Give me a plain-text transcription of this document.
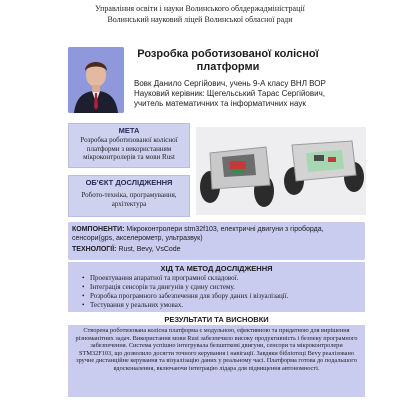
Управління освіти і науки Волинського облдержадміністрації
Волинський науковий ліцей Волинської обласної ради
Розробка роботизованої колісної платформи
Вовк Данило Сергійович, учень 9-А класу ВНЛ ВОР
Науковий керівник: Щегельський Тарас Сергійович,
учитель математичних та інформатичних наук
МЕТА
Розробка роботизованої колісної платформи з використанням мікроконтролерів та мови Rust
ОБ'ЄКТ ДОСЛІДЖЕННЯ
Робото-техніка, програмування, архітектура
КОМПОНЕНТИ: Мікроконтролери stm32f103, електричні двигуни з гіроборда, сенсори(gps, акселерометр, ультразвук)
ТЕХНОЛОГІЇ: Rust, Bevy, VsCode
ХІД ТА МЕТОД ДОСЛІДЖЕННЯ
• Проектування апаратної та програмної складової.
• Інтеграція сенсорів та двигунів у єдину систему.
• Розробка програмного забезпечення для збору даних і візуалізації.
• Тестування у реальних умовах.
РЕЗУЛЬТАТИ ТА ВИСНОВКИ
Створена роботизована колісна платформа є модульною, ефективною та придатною для вирішення різноманітних задач. Використання мови Rust забезпечило високу продуктивність і безпеку програмного забезпечення. Система успішно інтегрувала безшпткові двигуни, сенсори та мікроконтролери STM32F103, що дозволило досягти точного керування і навігації. Завдяки бібліотеці Bevy реалізовано зручне дистанційне керування та візуалізацію даних у реальному часі. Платформа готова до подальшого вдосконалення, включаючи інтеграцію лідара для підвищення автономності.
